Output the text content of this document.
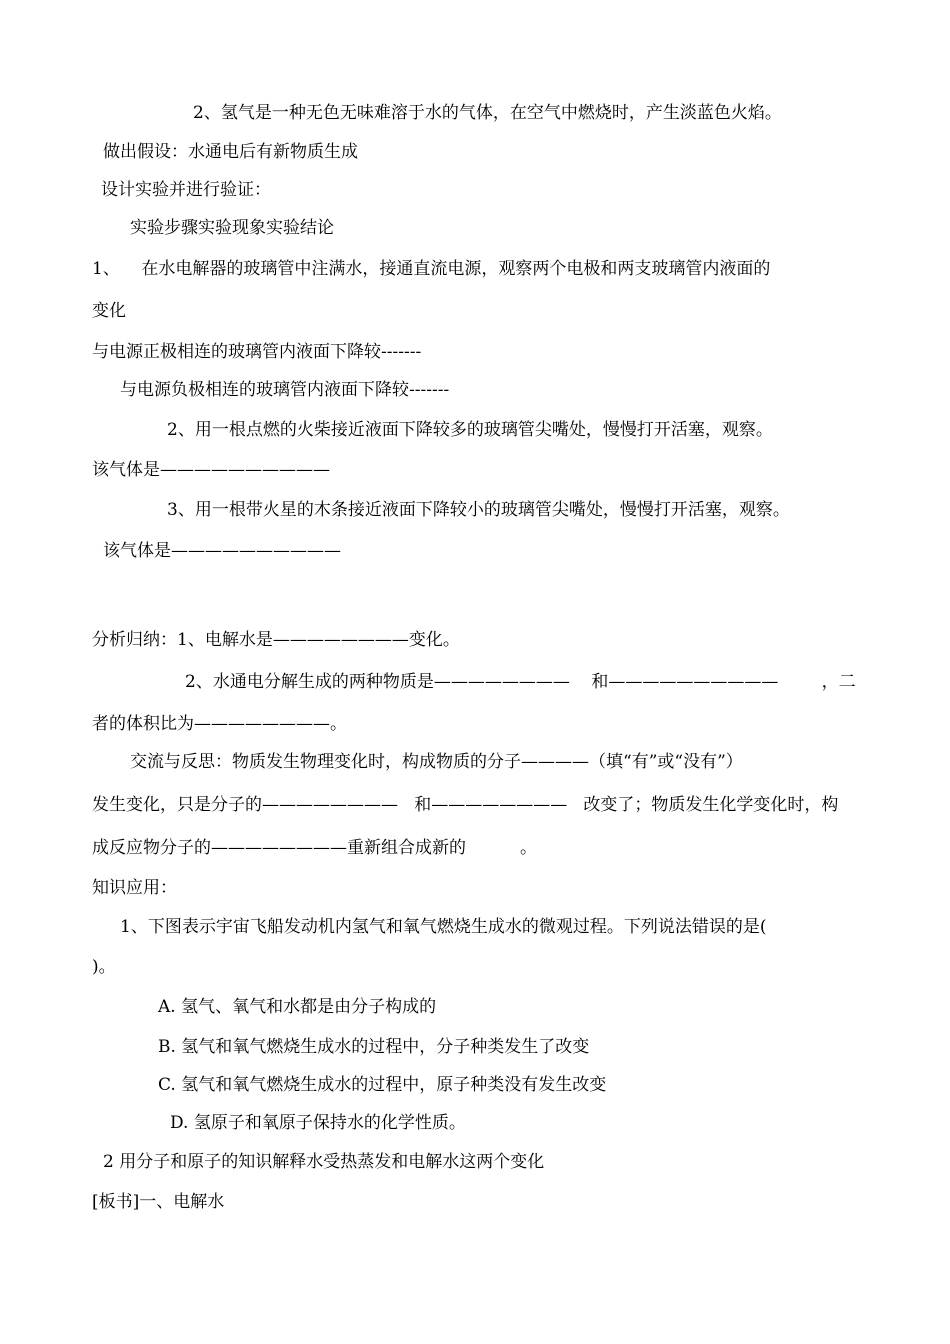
2、氢气是一种无色无味难溶于水的气体，在空气中燃烧时，产生淡蓝色火焰。
做出假设：水通电后有新物质生成
设计实验并进行验证：
实验步骤实验现象实验结论
1、    在水电解器的玻璃管中注满水，接通直流电源，观察两个电极和两支玻璃管内液面的
变化
与电源正极相连的玻璃管内液面下降较-------
与电源负极相连的玻璃管内液面下降较-------
2、用一根点燃的火柴接近液面下降较多的玻璃管尖嘴处，慢慢打开活塞，观察。
该气体是——————————
3、用一根带火星的木条接近液面下降较小的玻璃管尖嘴处，慢慢打开活塞，观察。
该气体是——————————
分析归纳：1、电解水是————————变化。
2、水通电分解生成的两种物质是————————    和——————————        ，二
者的体积比为————————。
交流与反思：物质发生物理变化时，构成物质的分子————（填“有”或“没有”）
发生变化，只是分子的————————   和————————   改变了；物质发生化学变化时，构
成反应物分子的————————重新组合成新的          。
知识应用：
1、下图表示宇宙飞船发动机内氢气和氧气燃烧生成水的微观过程。下列说法错误的是(
)。
A. 氢气、氧气和水都是由分子构成的
B. 氢气和氧气燃烧生成水的过程中，分子种类发生了改变
C. 氢气和氧气燃烧生成水的过程中，原子种类没有发生改变
D. 氢原子和氧原子保持水的化学性质。
2 用分子和原子的知识解释水受热蒸发和电解水这两个变化
[板书]一、电解水
